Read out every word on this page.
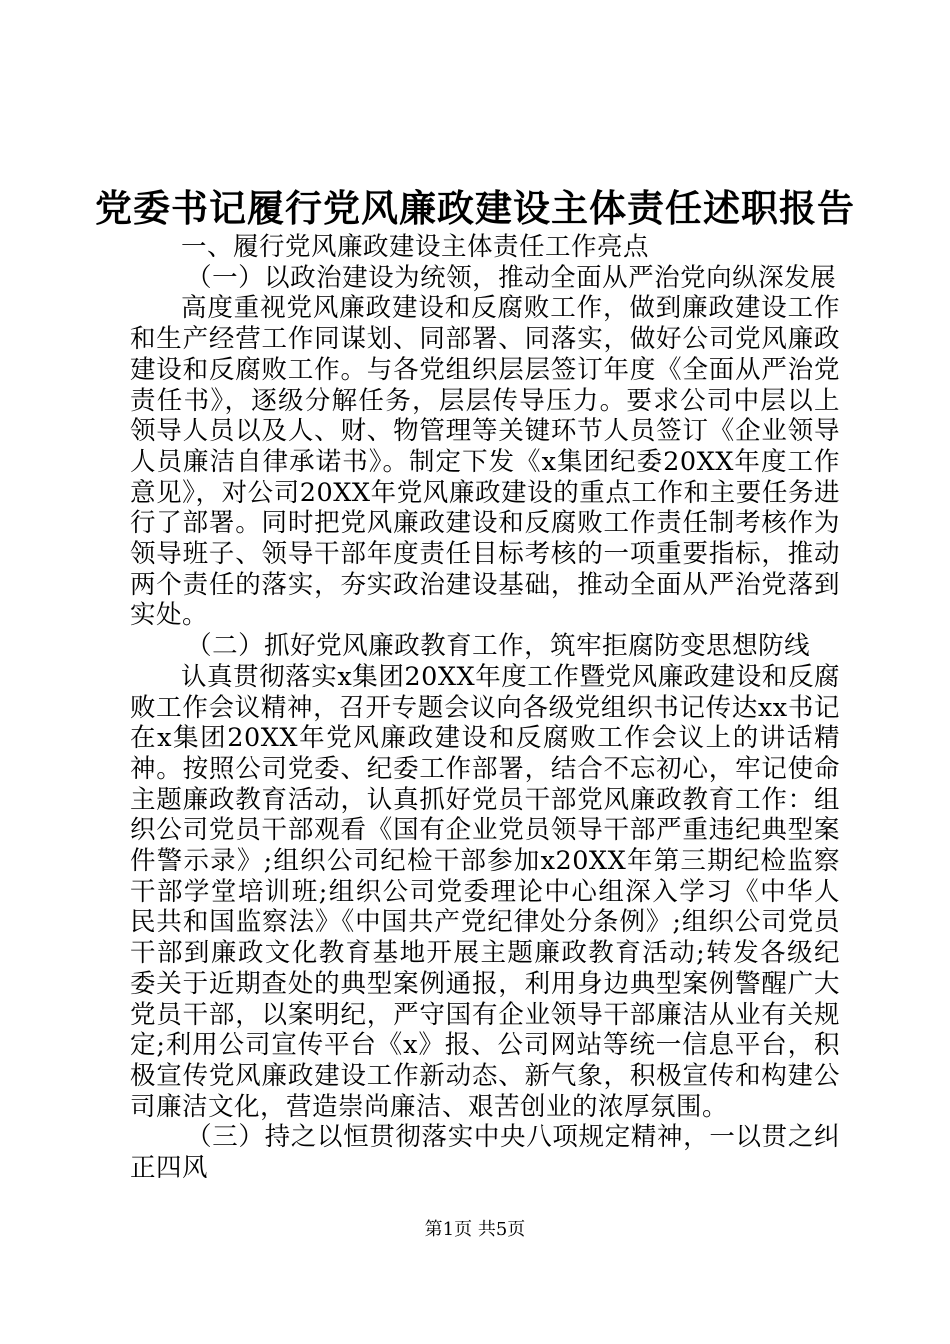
党委书记履行党风廉政建设主体责任述职报告

一、履行党风廉政建设主体责任工作亮点

（一）以政治建设为统领，推动全面从严治党向纵深发展

高度重视党风廉政建设和反腐败工作，做到廉政建设工作和生产经营工作同谋划、同部署、同落实，做好公司党风廉政建设和反腐败工作。与各党组织层层签订年度《全面从严治党责任书》，逐级分解任务，层层传导压力。要求公司中层以上领导人员以及人、财、物管理等关键环节人员签订《企业领导人员廉洁自律承诺书》。制定下发《x集团纪委20XX年度工作意见》，对公司20XX年党风廉政建设的重点工作和主要任务进行了部署。同时把党风廉政建设和反腐败工作责任制考核作为领导班子、领导干部年度责任目标考核的一项重要指标，推动两个责任的落实，夯实政治建设基础，推动全面从严治党落到实处。

（二）抓好党风廉政教育工作，筑牢拒腐防变思想防线

认真贯彻落实x集团20XX年度工作暨党风廉政建设和反腐败工作会议精神，召开专题会议向各级党组织书记传达xx书记在x集团20XX年党风廉政建设和反腐败工作会议上的讲话精神。按照公司党委、纪委工作部署，结合不忘初心，牢记使命主题廉政教育活动，认真抓好党员干部党风廉政教育工作：组织公司党员干部观看《国有企业党员领导干部严重违纪典型案件警示录》;组织公司纪检干部参加x20XX年第三期纪检监察干部学堂培训班;组织公司党委理论中心组深入学习《中华人民共和国监察法》《中国共产党纪律处分条例》;组织公司党员干部到廉政文化教育基地开展主题廉政教育活动;转发各级纪委关于近期查处的典型案例通报，利用身边典型案例警醒广大党员干部，以案明纪，严守国有企业领导干部廉洁从业有关规定;利用公司宣传平台《x》报、公司网站等统一信息平台，积极宣传党风廉政建设工作新动态、新气象，积极宣传和构建公司廉洁文化，营造崇尚廉洁、艰苦创业的浓厚氛围。

（三）持之以恒贯彻落实中央八项规定精神，一以贯之纠正四风

第1页 共5页
